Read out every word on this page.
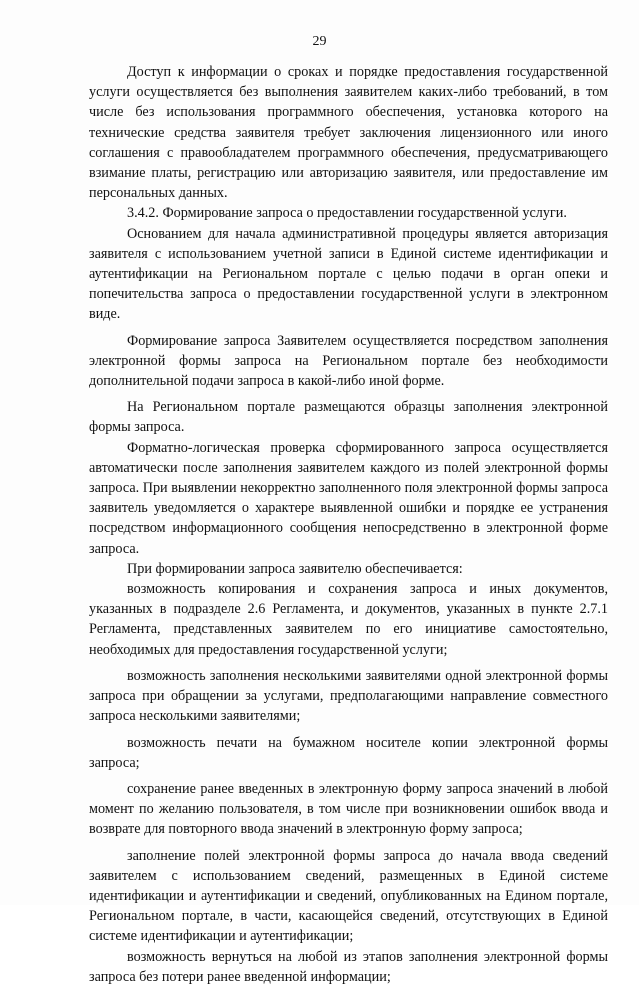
29

Доступ к информации о сроках и порядке предоставления государственной услуги осуществляется без выполнения заявителем каких-либо требований, в том числе без использования программного обеспечения, установка которого на технические средства заявителя требует заключения лицензионного или иного соглашения с правообладателем программного обеспечения, предусматривающего взимание платы, регистрацию или авторизацию заявителя, или предоставление им персональных данных.

3.4.2. Формирование запроса о предоставлении государственной услуги.

Основанием для начала административной процедуры является авторизация заявителя с использованием учетной записи в Единой системе идентификации и аутентификации на Региональном портале с целью подачи в орган опеки и попечительства запроса о предоставлении государственной услуги в электронном виде.

Формирование запроса Заявителем осуществляется посредством заполнения электронной формы запроса на Региональном портале без необходимости дополнительной подачи запроса в какой-либо иной форме.

На Региональном портале размещаются образцы заполнения электронной формы запроса.

Форматно-логическая проверка сформированного запроса осуществляется автоматически после заполнения заявителем каждого из полей электронной формы запроса. При выявлении некорректно заполненного поля электронной формы запроса заявитель уведомляется о характере выявленной ошибки и порядке ее устранения посредством информационного сообщения непосредственно в электронной форме запроса.

При формировании запроса заявителю обеспечивается:

возможность копирования и сохранения запроса и иных документов, указанных в подразделе 2.6 Регламента, и документов, указанных в пункте 2.7.1 Регламента, представленных заявителем по его инициативе самостоятельно, необходимых для предоставления государственной услуги;

возможность заполнения несколькими заявителями одной электронной формы запроса при обращении за услугами, предполагающими направление совместного запроса несколькими заявителями;

возможность печати на бумажном носителе копии электронной формы запроса;

сохранение ранее введенных в электронную форму запроса значений в любой момент по желанию пользователя, в том числе при возникновении ошибок ввода и возврате для повторного ввода значений в электронную форму запроса;

заполнение полей электронной формы запроса до начала ввода сведений заявителем с использованием сведений, размещенных в Единой системе идентификации и аутентификации и сведений, опубликованных на Едином портале, Региональном портале, в части, касающейся сведений, отсутствующих в Единой системе идентификации и аутентификации;

возможность вернуться на любой из этапов заполнения электронной формы запроса без потери ранее введенной информации;
